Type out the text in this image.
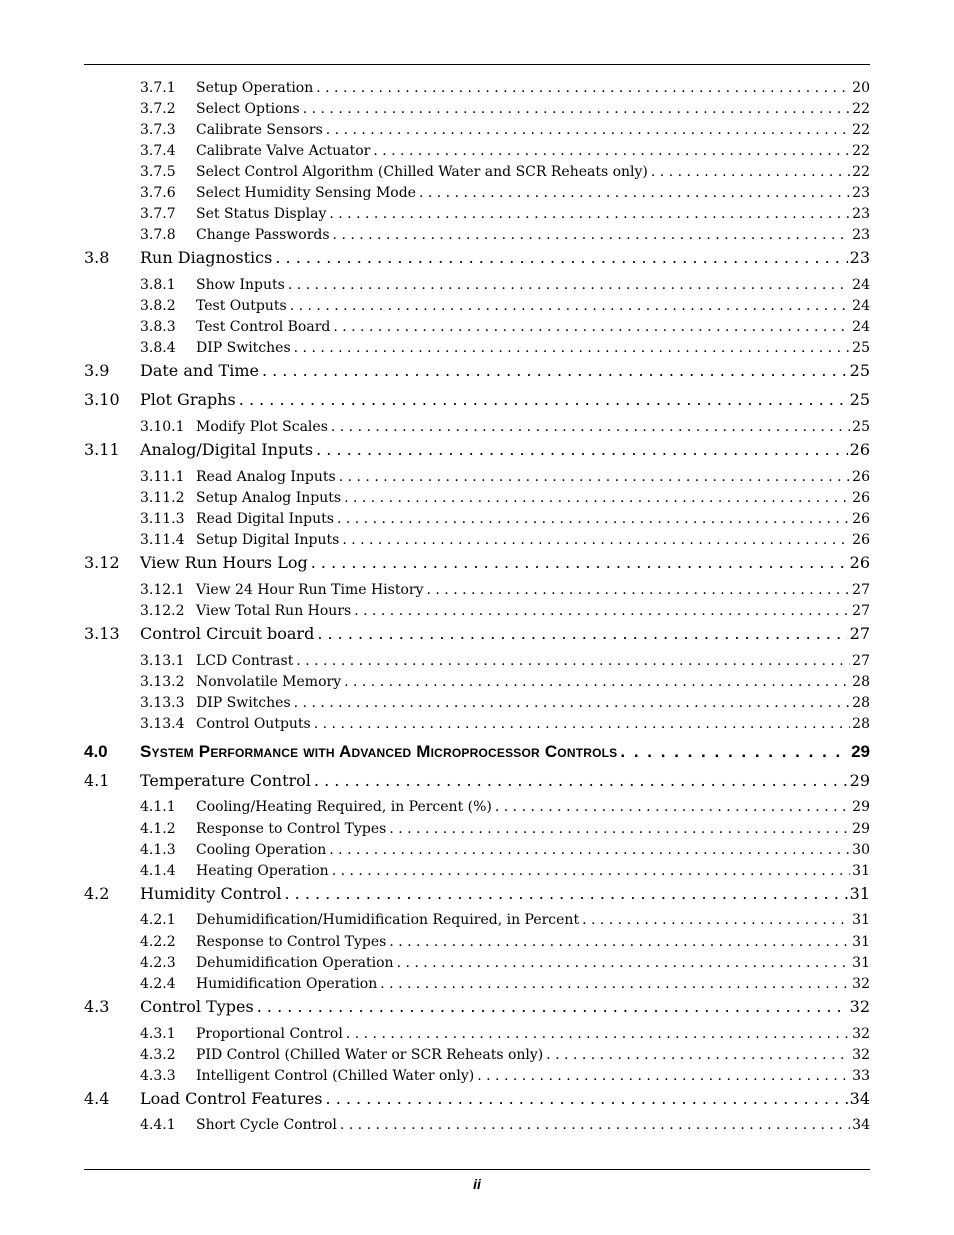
3.7.1	Setup Operation . . .	20
3.7.2	Select Options . . .	22
3.7.3	Calibrate Sensors . . .	22
3.7.4	Calibrate Valve Actuator . . .	22
3.7.5	Select Control Algorithm (Chilled Water and SCR Reheats only) . . .	22
3.7.6	Select Humidity Sensing Mode . . .	23
3.7.7	Set Status Display . . .	23
3.7.8	Change Passwords . . .	23
3.8	Run Diagnostics . . .	23
3.8.1	Show Inputs . . .	24
3.8.2	Test Outputs . . .	24
3.8.3	Test Control Board . . .	24
3.8.4	DIP Switches . . .	25
3.9	Date and Time . . .	25
3.10	Plot Graphs . . .	25
3.10.1 Modify Plot Scales . . .	25
3.11	Analog/Digital Inputs . . .	26
3.11.1 Read Analog Inputs . . .	26
3.11.2 Setup Analog Inputs . . .	26
3.11.3 Read Digital Inputs . . .	26
3.11.4 Setup Digital Inputs . . .	26
3.12	View Run Hours Log . . .	26
3.12.1 View 24 Hour Run Time History . . .	27
3.12.2 View Total Run Hours . . .	27
3.13	Control Circuit board . . .	27
3.13.1 LCD Contrast . . .	27
3.13.2 Nonvolatile Memory . . .	28
3.13.3 DIP Switches . . .	28
3.13.4 Control Outputs . . .	28
4.0	System Performance with Advanced Microprocessor Controls . . .	29
4.1	Temperature Control . . .	29
4.1.1	Cooling/Heating Required, in Percent (%) . . .	29
4.1.2	Response to Control Types . . .	29
4.1.3	Cooling Operation . . .	30
4.1.4	Heating Operation . . .	31
4.2	Humidity Control . . .	31
4.2.1	Dehumidification/Humidification Required, in Percent . . .	31
4.2.2	Response to Control Types . . .	31
4.2.3	Dehumidification Operation . . .	31
4.2.4	Humidification Operation . . .	32
4.3	Control Types . . .	32
4.3.1	Proportional Control . . .	32
4.3.2	PID Control (Chilled Water or SCR Reheats only) . . .	32
4.3.3	Intelligent Control (Chilled Water only) . . .	33
4.4	Load Control Features . . .	34
4.4.1	Short Cycle Control . . .	34
ii
